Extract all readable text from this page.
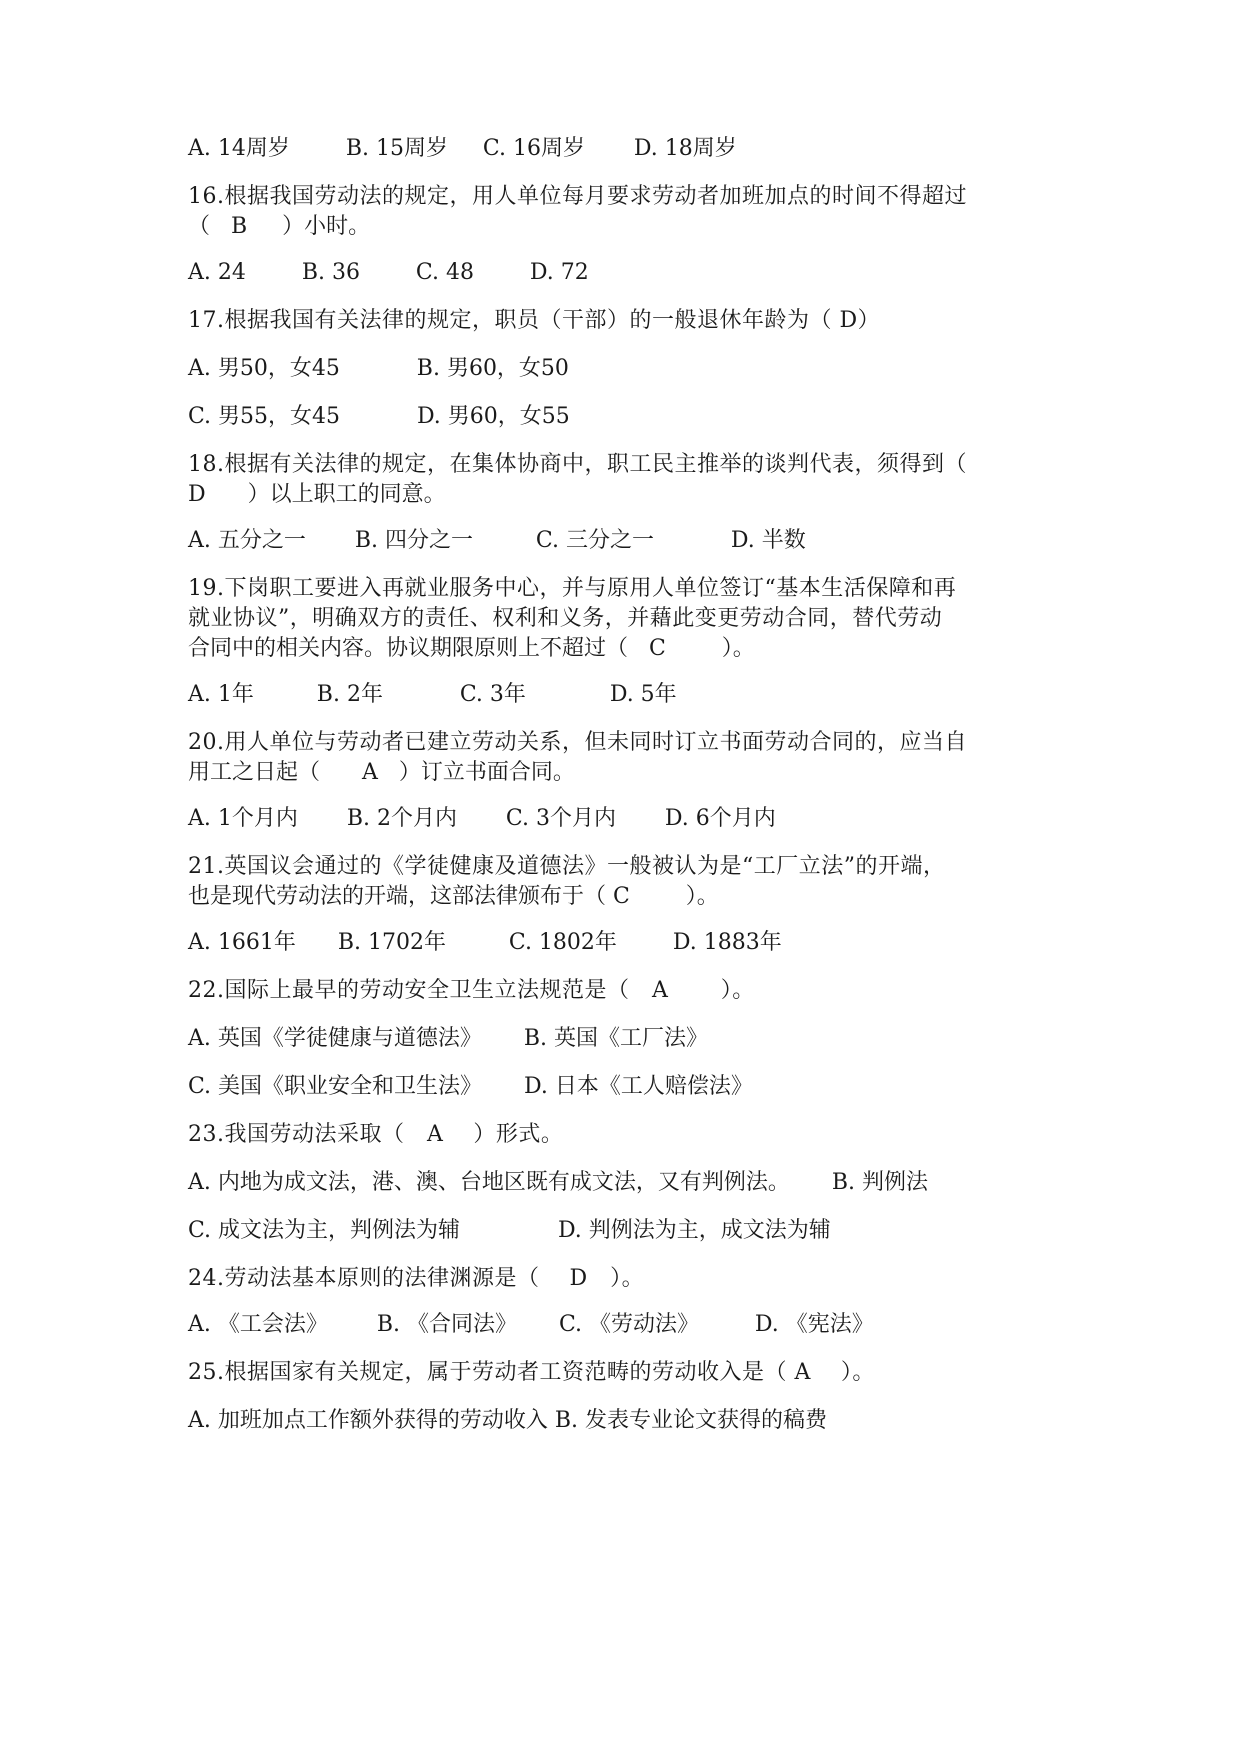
A. 14周岁        B. 15周岁     C. 16周岁       D. 18周岁
16.根据我国劳动法的规定，用人单位每月要求劳动者加班加点的时间不得超过
（   B     ）小时。
A. 24        B. 36        C. 48        D. 72
17.根据我国有关法律的规定，职员（干部）的一般退休年龄为（ D）
A. 男50，女45           B. 男60，女50
C. 男55，女45           D. 男60，女55
18.根据有关法律的规定，在集体协商中，职工民主推举的谈判代表，须得到（
D      ）以上职工的同意。
A. 五分之一       B. 四分之一         C. 三分之一           D. 半数
19.下岗职工要进入再就业服务中心，并与原用人单位签订“基本生活保障和再
就业协议”，明确双方的责任、权利和义务，并藉此变更劳动合同，替代劳动
合同中的相关内容。协议期限原则上不超过（   C        ）。
A. 1年         B. 2年           C. 3年            D. 5年
20.用人单位与劳动者已建立劳动关系，但未同时订立书面劳动合同的，应当自
用工之日起（      A   ）订立书面合同。
A. 1个月内       B. 2个月内       C. 3个月内       D. 6个月内
21.英国议会通过的《学徒健康及道德法》一般被认为是“工厂立法”的开端，
也是现代劳动法的开端，这部法律颁布于（ C        ）。
A. 1661年      B. 1702年         C. 1802年        D. 1883年
22.国际上最早的劳动安全卫生立法规范是（   A       ）。
A. 英国《学徒健康与道德法》      B. 英国《工厂法》
C. 美国《职业安全和卫生法》      D. 日本《工人赔偿法》
23.我国劳动法采取（   A    ）形式。
A. 内地为成文法，港、澳、台地区既有成文法，又有判例法。      B. 判例法
C. 成文法为主，判例法为辅              D. 判例法为主，成文法为辅
24.劳动法基本原则的法律渊源是（    D   ）。
A. 《工会法》       B. 《合同法》      C. 《劳动法》        D. 《宪法》
25.根据国家有关规定，属于劳动者工资范畴的劳动收入是（ A    ）。
A. 加班加点工作额外获得的劳动收入 B. 发表专业论文获得的稿费
